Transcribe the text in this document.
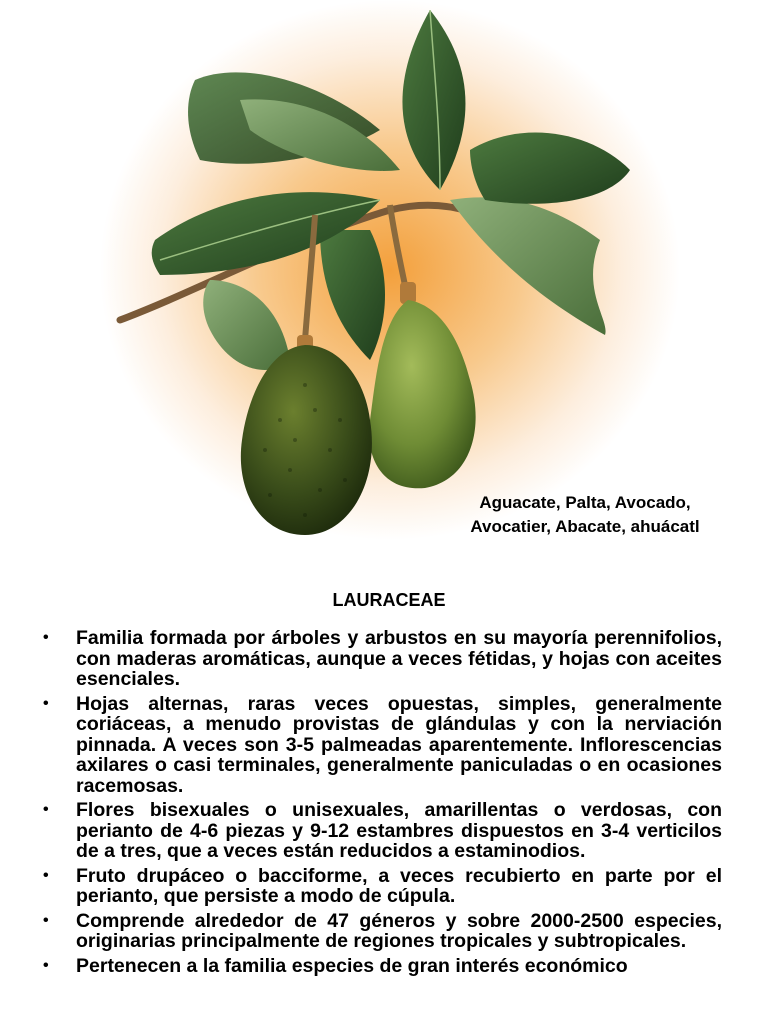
Aguacate, Palta, Avocado,
Avocatier, Abacate, ahuácatl
LAURACEAE
• Familia formada por árboles y arbustos en su mayoría perennifolios, con maderas aromáticas, aunque a veces fétidas, y hojas con aceites esenciales.
• Hojas alternas, raras veces opuestas, simples, generalmente coriáceas, a menudo provistas de glándulas y con la nerviación pinnada. A veces son 3-5 palmeadas aparentemente. Inflorescencias axilares o casi terminales, generalmente paniculadas o en ocasiones racemosas.
• Flores bisexuales o unisexuales, amarillentas o verdosas, con perianto de 4-6 piezas y 9-12 estambres dispuestos en 3-4 verticilos de a tres, que a veces están reducidos a estaminodios.
• Fruto drupáceo o bacciforme, a veces recubierto en parte por el perianto, que persiste a modo de cúpula.
• Comprende alrededor de 47 géneros y sobre 2000-2500 especies, originarias principalmente de regiones tropicales y subtropicales.
• Pertenecen a la familia especies de gran interés económico
